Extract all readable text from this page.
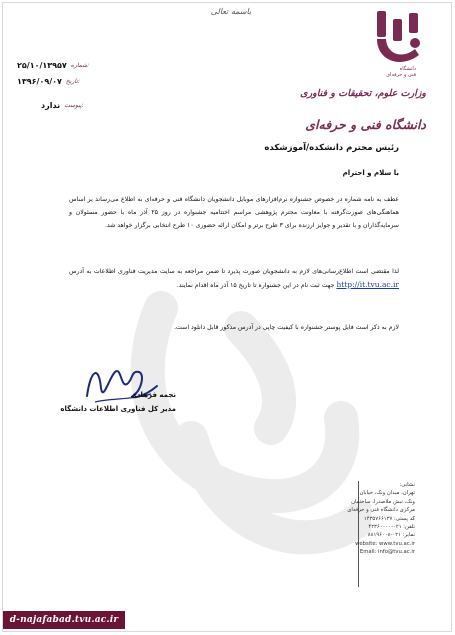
باسمه تعالی
دانشگاه
فنی و حرفه‌ای
وزارت علوم، تحقیقات و فناوری
دانشگاه فنی و حرفه‌ای
۲۵/۱۰/۱۳۹۵۷ شماره:
۱۳۹۶/۰۹/۰۷ تاریخ:
ندارد پیوست:
رئیس محترم دانشکده/آموزشکده
با سلام و احترام
عطف به نامه شماره در خصوص جشنواره نرم‌افزارهای موبایل دانشجویان دانشگاه فنی و حرفه‌ای به اطلاع می‌رساند بر اساس هماهنگی‌های صورت‌گرفته با معاونت محترم پژوهشی مراسم اختتامیه جشنواره در روز ۲۵ آذر ماه با حضور مسئولان و سرمایه‌گذاران و با تقدیر و جوایز ارزنده برای ۳ طرح برتر و امکان ارائه حضوری ۱۰ طرح انتخابی برگزار خواهد شد.
لذا مقتضی است اطلاع‌رسانی‌های لازم به دانشجویان صورت پذیرد تا ضمن مراجعه به سایت مدیریت فناوری اطلاعات به آدرس http://it.tvu.ac.ir جهت ثبت نام در این جشنواره تا تاریخ ۱۵ آذر ماه اقدام نمایند.
لازم به ذکر است فایل پوستر جشنواره با کیفیت چاپی در آدرس مذکور قابل دانلود است.
نجمه فرهادی
مدیر کل فناوری اطلاعات دانشگاه
نشانی:
تهران، میدان ونک، خیابان
ونک، نبش ملاصدرا، ساختمان
مرکزی دانشگاه فنی و حرفه‌ای
کد پستی: ۱۴۳۵۷۶۶۱۳۷
تلفن: ۰۲۱-۴۲۳۶۰۰۰۰
نمابر: ۰۲۱-۸۸۱۹۶۰۰۸
website: www.tvu.ac.ir
Email: info@tvu.ac.ir
d-najafabad.tvu.ac.ir
